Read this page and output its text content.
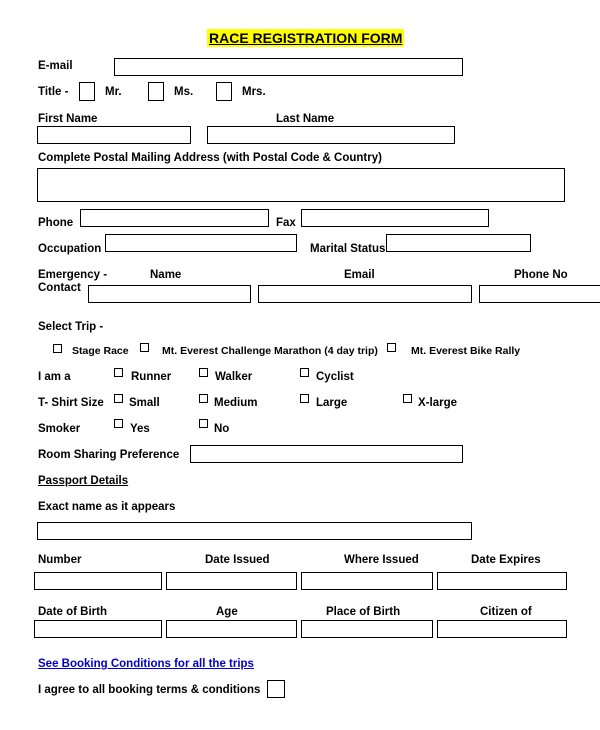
RACE REGISTRATION FORM
E-mail
Title -	Mr.	Ms.	Mrs.
First Name	Last Name
Complete Postal Mailing Address (with Postal Code & Country)
Phone	Fax
Occupation	Marital Status
Emergency -
Contact
Name	Email	Phone No
Select Trip -
Stage Race	Mt. Everest Challenge Marathon (4 day trip)	Mt. Everest Bike Rally
I am a	Runner	Walker	Cyclist
T- Shirt Size Small	Medium	Large	X-large
Smoker	Yes	No
Room Sharing Preference
Passport Details
Exact name as it appears
Number	Date Issued	Where Issued	Date Expires
Date of Birth	Age	Place of Birth	Citizen of
See Booking Conditions for all the trips
I agree to all booking terms & conditions
